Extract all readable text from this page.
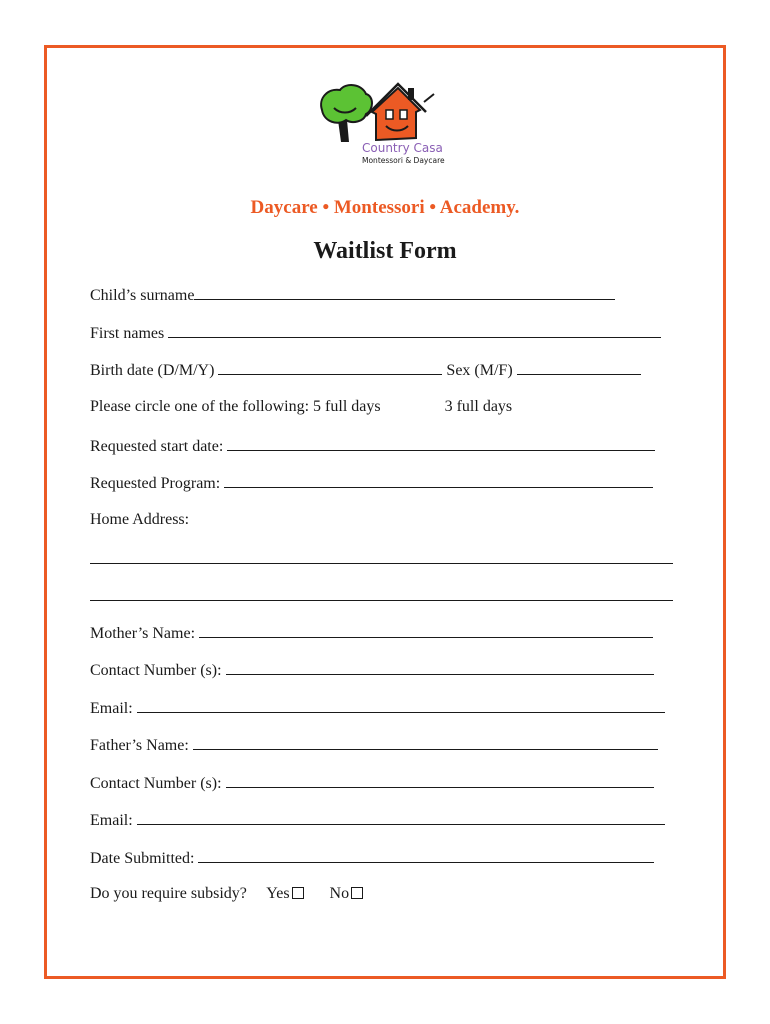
Country Casa
Montessori & Daycare
Daycare • Montessori • Academy.
Waitlist Form
Child’s surname
First names
Birth date (D/M/Y)	Sex (M/F)
Please circle one of the following: 5 full days	3 full days
Requested start date:
Requested Program:
Home Address:
Mother’s Name:
Contact Number (s):
Email:
Father’s Name:
Contact Number (s):
Email:
Date Submitted:
Do you require subsidy? Yes	No
